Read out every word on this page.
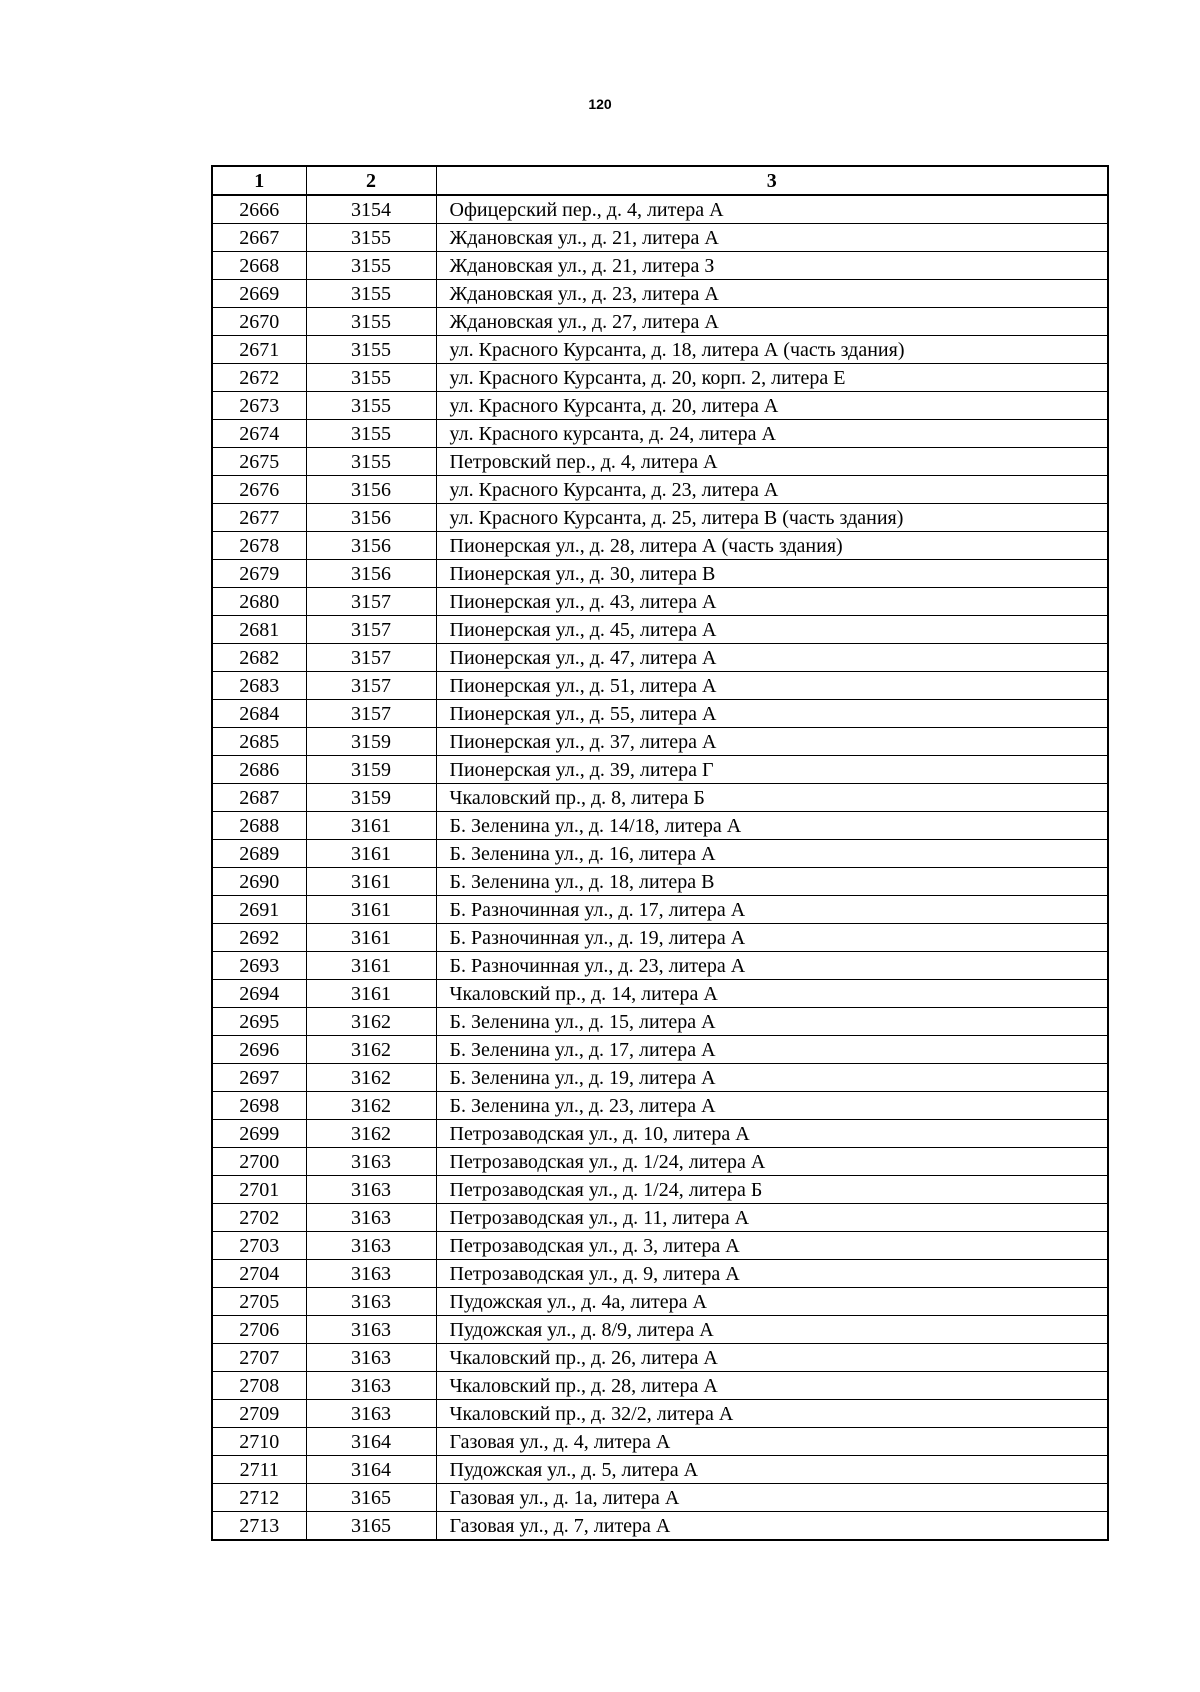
120
1	2	3
2666	3154	Офицерский пер., д. 4, литера А
2667	3155	Ждановская ул., д. 21, литера А
2668	3155	Ждановская ул., д. 21, литера З
2669	3155	Ждановская ул., д. 23, литера А
2670	3155	Ждановская ул., д. 27, литера А
2671	3155	ул. Красного Курсанта, д. 18, литера А (часть здания)
2672	3155	ул. Красного Курсанта, д. 20, корп. 2, литера Е
2673	3155	ул. Красного Курсанта, д. 20, литера А
2674	3155	ул. Красного курсанта, д. 24, литера А
2675	3155	Петровский пер., д. 4, литера А
2676	3156	ул. Красного Курсанта, д. 23, литера А
2677	3156	ул. Красного Курсанта, д. 25, литера В (часть здания)
2678	3156	Пионерская ул., д. 28, литера А (часть здания)
2679	3156	Пионерская ул., д. 30, литера В
2680	3157	Пионерская ул., д. 43, литера А
2681	3157	Пионерская ул., д. 45, литера А
2682	3157	Пионерская ул., д. 47, литера А
2683	3157	Пионерская ул., д. 51, литера А
2684	3157	Пионерская ул., д. 55, литера А
2685	3159	Пионерская ул., д. 37, литера А
2686	3159	Пионерская ул., д. 39, литера Г
2687	3159	Чкаловский пр., д. 8, литера Б
2688	3161	Б. Зеленина ул., д. 14/18, литера А
2689	3161	Б. Зеленина ул., д. 16, литера А
2690	3161	Б. Зеленина ул., д. 18, литера В
2691	3161	Б. Разночинная ул., д. 17, литера А
2692	3161	Б. Разночинная ул., д. 19, литера А
2693	3161	Б. Разночинная ул., д. 23, литера А
2694	3161	Чкаловский пр., д. 14, литера А
2695	3162	Б. Зеленина ул., д. 15, литера А
2696	3162	Б. Зеленина ул., д. 17, литера А
2697	3162	Б. Зеленина ул., д. 19, литера А
2698	3162	Б. Зеленина ул., д. 23, литера А
2699	3162	Петрозаводская ул., д. 10, литера А
2700	3163	Петрозаводская ул., д. 1/24, литера А
2701	3163	Петрозаводская ул., д. 1/24, литера Б
2702	3163	Петрозаводская ул., д. 11, литера А
2703	3163	Петрозаводская ул., д. 3, литера А
2704	3163	Петрозаводская ул., д. 9, литера А
2705	3163	Пудожская ул., д. 4а, литера А
2706	3163	Пудожская ул., д. 8/9, литера А
2707	3163	Чкаловский пр., д. 26, литера А
2708	3163	Чкаловский пр., д. 28, литера А
2709	3163	Чкаловский пр., д. 32/2, литера А
2710	3164	Газовая ул., д. 4, литера А
2711	3164	Пудожская ул., д. 5, литера А
2712	3165	Газовая ул., д. 1а, литера А
2713	3165	Газовая ул., д. 7, литера А
